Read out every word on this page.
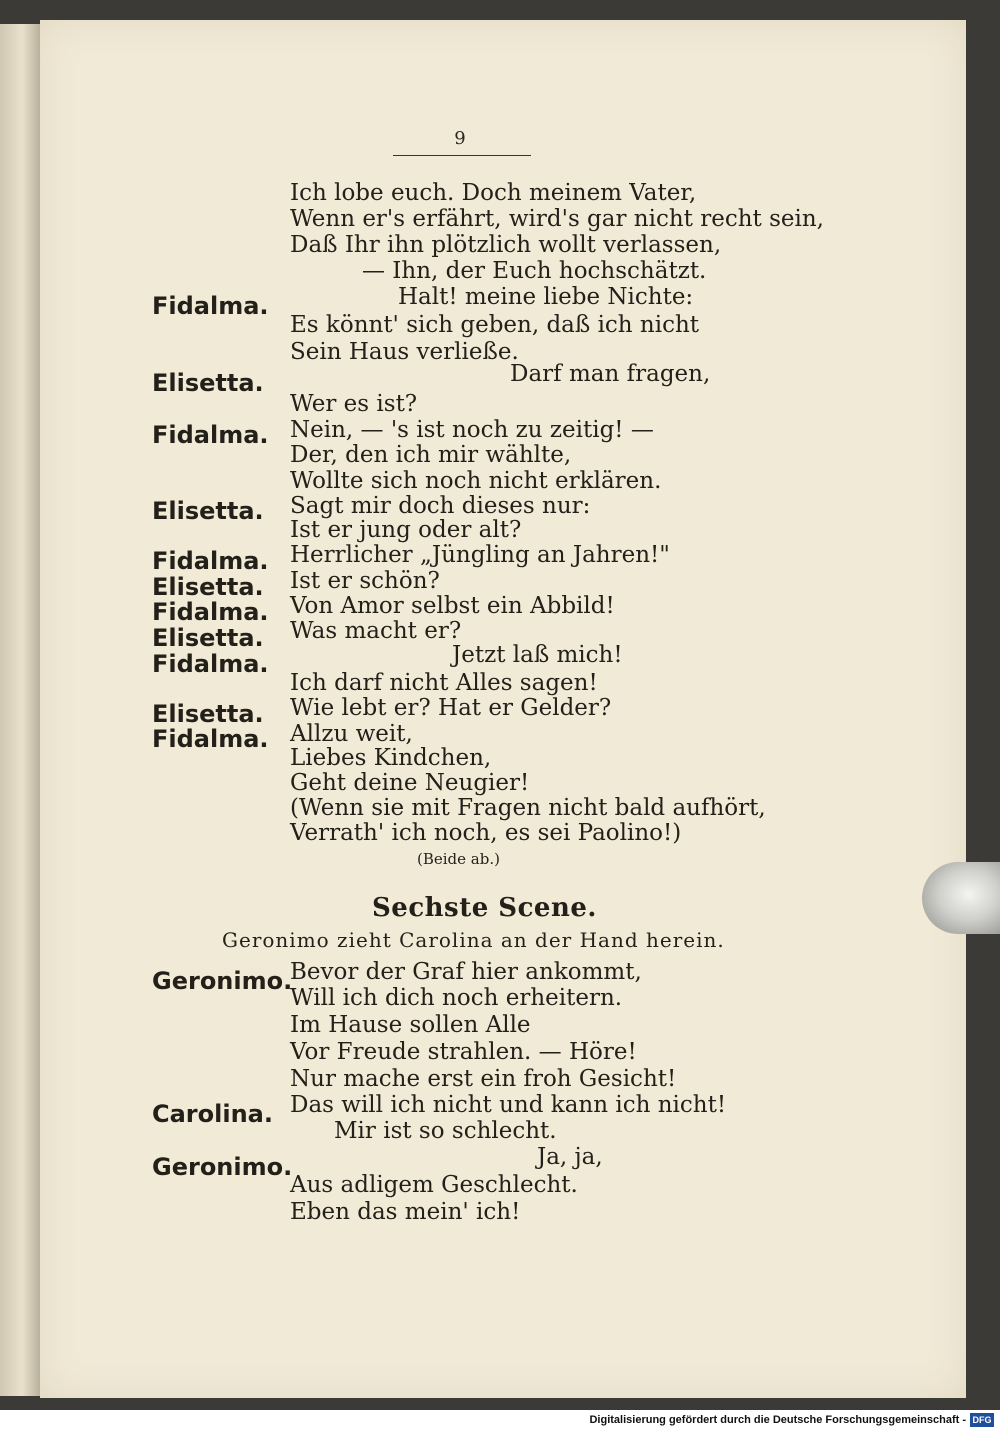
9
Ich lobe euch. Doch meinem Vater,
Wenn er's erfährt, wird's gar nicht recht sein,
Daß Ihr ihn plötzlich wollt verlassen,
— Ihn, der Euch hochschätzt.
Halt! meine liebe Nichte:
Es könnt' sich geben, daß ich nicht
Sein Haus verließe.
Darf man fragen,
Wer es ist?
Nein, — 's ist noch zu zeitig! —
Der, den ich mir wählte,
Wollte sich noch nicht erklären.
Sagt mir doch dieses nur:
Ist er jung oder alt?
Herrlicher „Jüngling an Jahren!"
Ist er schön?
Von Amor selbst ein Abbild!
Was macht er?
Jetzt laß mich!
Ich darf nicht Alles sagen!
Wie lebt er? Hat er Gelder?
Allzu weit,
Liebes Kindchen,
Geht deine Neugier!
(Wenn sie mit Fragen nicht bald aufhört,
Verrath' ich noch, es sei Paolino!)
(Beide ab.)
Sechste Scene.
Geronimo zieht Carolina an der Hand herein.
Bevor der Graf hier ankommt,
Will ich dich noch erheitern.
Im Hause sollen Alle
Vor Freude strahlen. — Höre!
Nur mache erst ein froh Gesicht!
Das will ich nicht und kann ich nicht!
Mir ist so schlecht.
Ja, ja,
Aus adligem Geschlecht.
Eben das mein' ich!
Fidalma.
Elisetta.
Fidalma.
Elisetta.
Fidalma.
Elisetta.
Fidalma.
Elisetta.
Fidalma.
Elisetta.
Fidalma.
Geronimo.
Carolina.
Geronimo.
Digitalisierung gefördert durch die Deutsche Forschungsgemeinschaft - DFG
